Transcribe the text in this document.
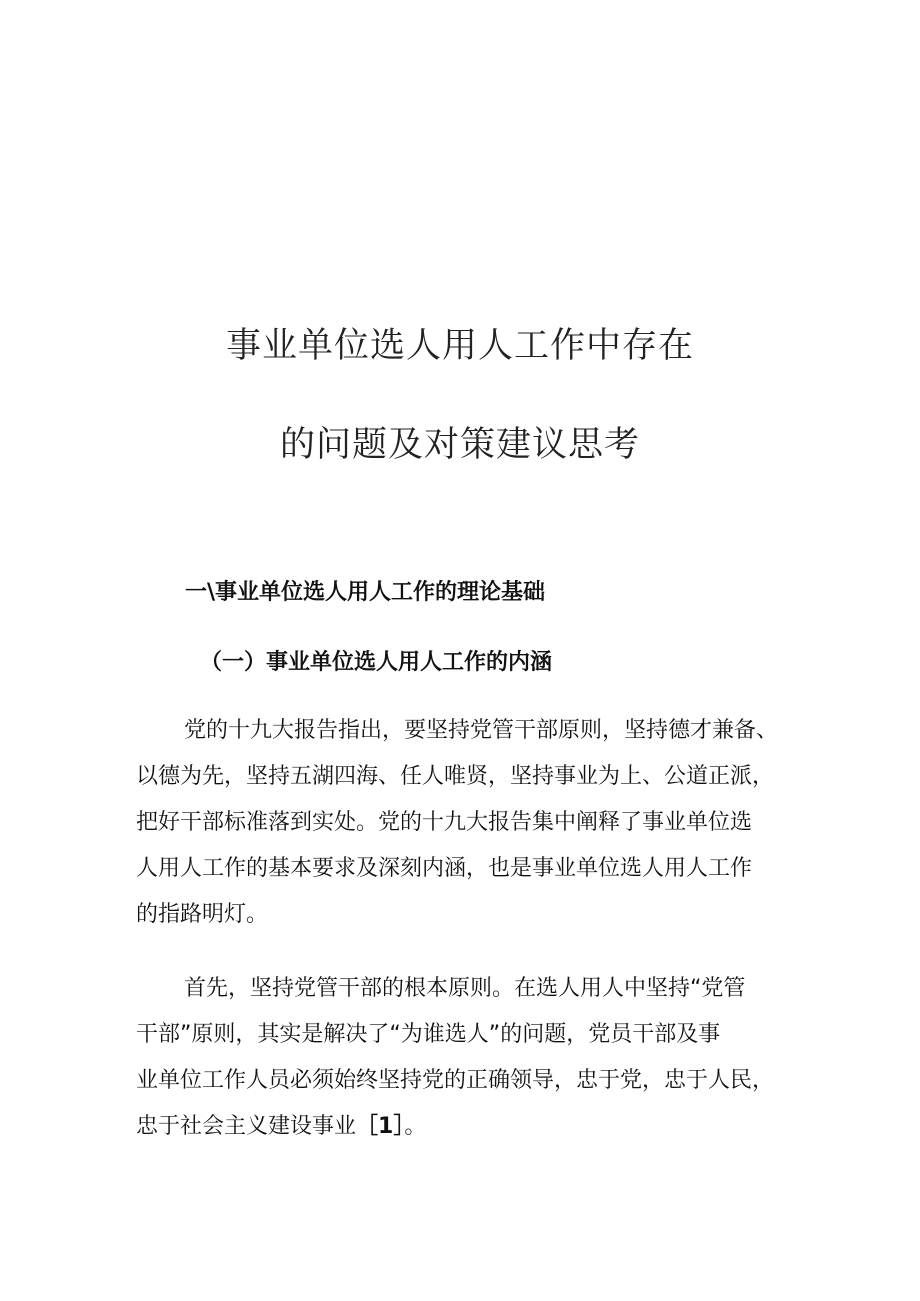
事业单位选人用人工作中存在
的问题及对策建议思考
一\事业单位选人用人工作的理论基础
（一）事业单位选人用人工作的内涵
党的十九大报告指出，要坚持党管干部原则，坚持德才兼备、
以德为先，坚持五湖四海、任人唯贤，坚持事业为上、公道正派，
把好干部标准落到实处。党的十九大报告集中阐释了事业单位选
人用人工作的基本要求及深刻内涵，也是事业单位选人用人工作
的指路明灯。
首先，坚持党管干部的根本原则。在选人用人中坚持“党管
干部”原则，其实是解决了“为谁选人”的问题，党员干部及事
业单位工作人员必须始终坚持党的正确领导，忠于党，忠于人民，
忠于社会主义建设事业［1］。
